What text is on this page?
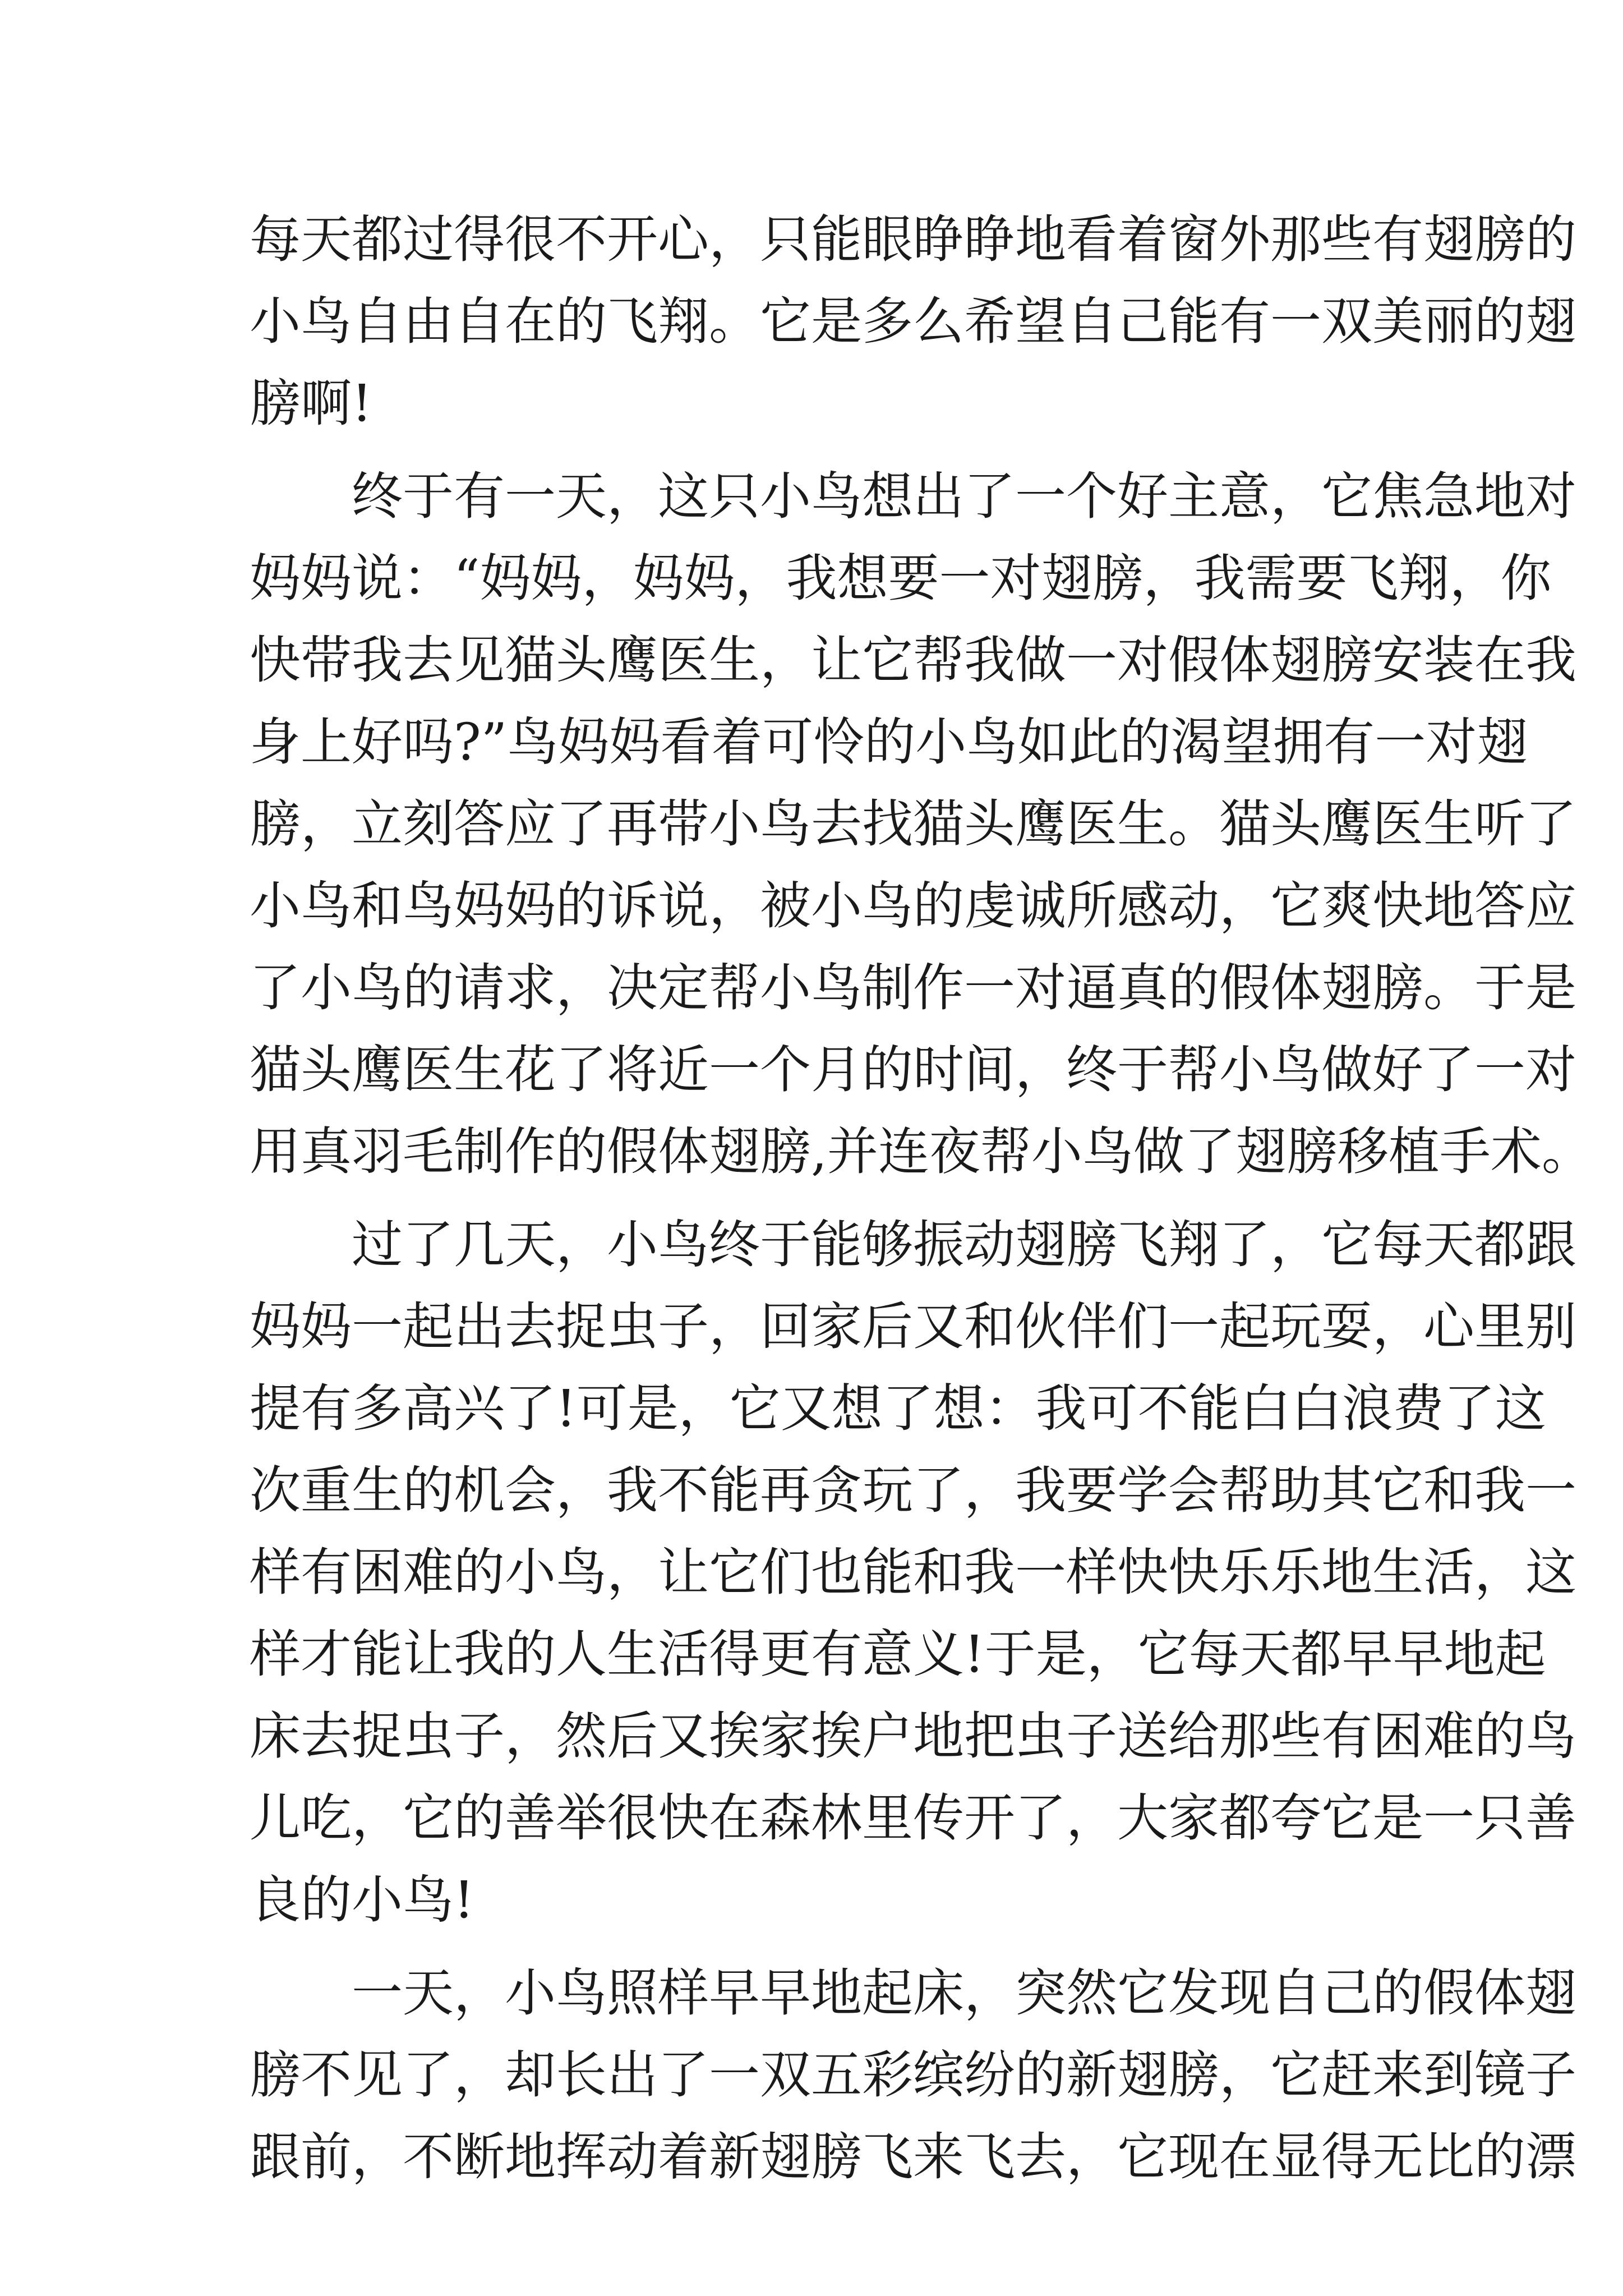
每天都过得很不开心，只能眼睁睁地看着窗外那些有翅膀的
小鸟自由自在的飞翔。它是多么希望自己能有一双美丽的翅
膀啊!

终于有一天，这只小鸟想出了一个好主意，它焦急地对
妈妈说：“妈妈，妈妈，我想要一对翅膀，我需要飞翔，你
快带我去见猫头鹰医生，让它帮我做一对假体翅膀安装在我
身上好吗?”鸟妈妈看着可怜的小鸟如此的渴望拥有一对翅
膀，立刻答应了再带小鸟去找猫头鹰医生。猫头鹰医生听了
小鸟和鸟妈妈的诉说，被小鸟的虔诚所感动，它爽快地答应
了小鸟的请求，决定帮小鸟制作一对逼真的假体翅膀。于是
猫头鹰医生花了将近一个月的时间，终于帮小鸟做好了一对
用真羽毛制作的假体翅膀,并连夜帮小鸟做了翅膀移植手术。

过了几天，小鸟终于能够振动翅膀飞翔了，它每天都跟
妈妈一起出去捉虫子，回家后又和伙伴们一起玩耍，心里别
提有多高兴了!可是，它又想了想：我可不能白白浪费了这
次重生的机会，我不能再贪玩了，我要学会帮助其它和我一
样有困难的小鸟，让它们也能和我一样快快乐乐地生活，这
样才能让我的人生活得更有意义!于是，它每天都早早地起
床去捉虫子，然后又挨家挨户地把虫子送给那些有困难的鸟
儿吃，它的善举很快在森林里传开了，大家都夸它是一只善
良的小鸟!

一天，小鸟照样早早地起床，突然它发现自己的假体翅
膀不见了，却长出了一双五彩缤纷的新翅膀，它赶来到镜子
跟前，不断地挥动着新翅膀飞来飞去，它现在显得无比的漂
